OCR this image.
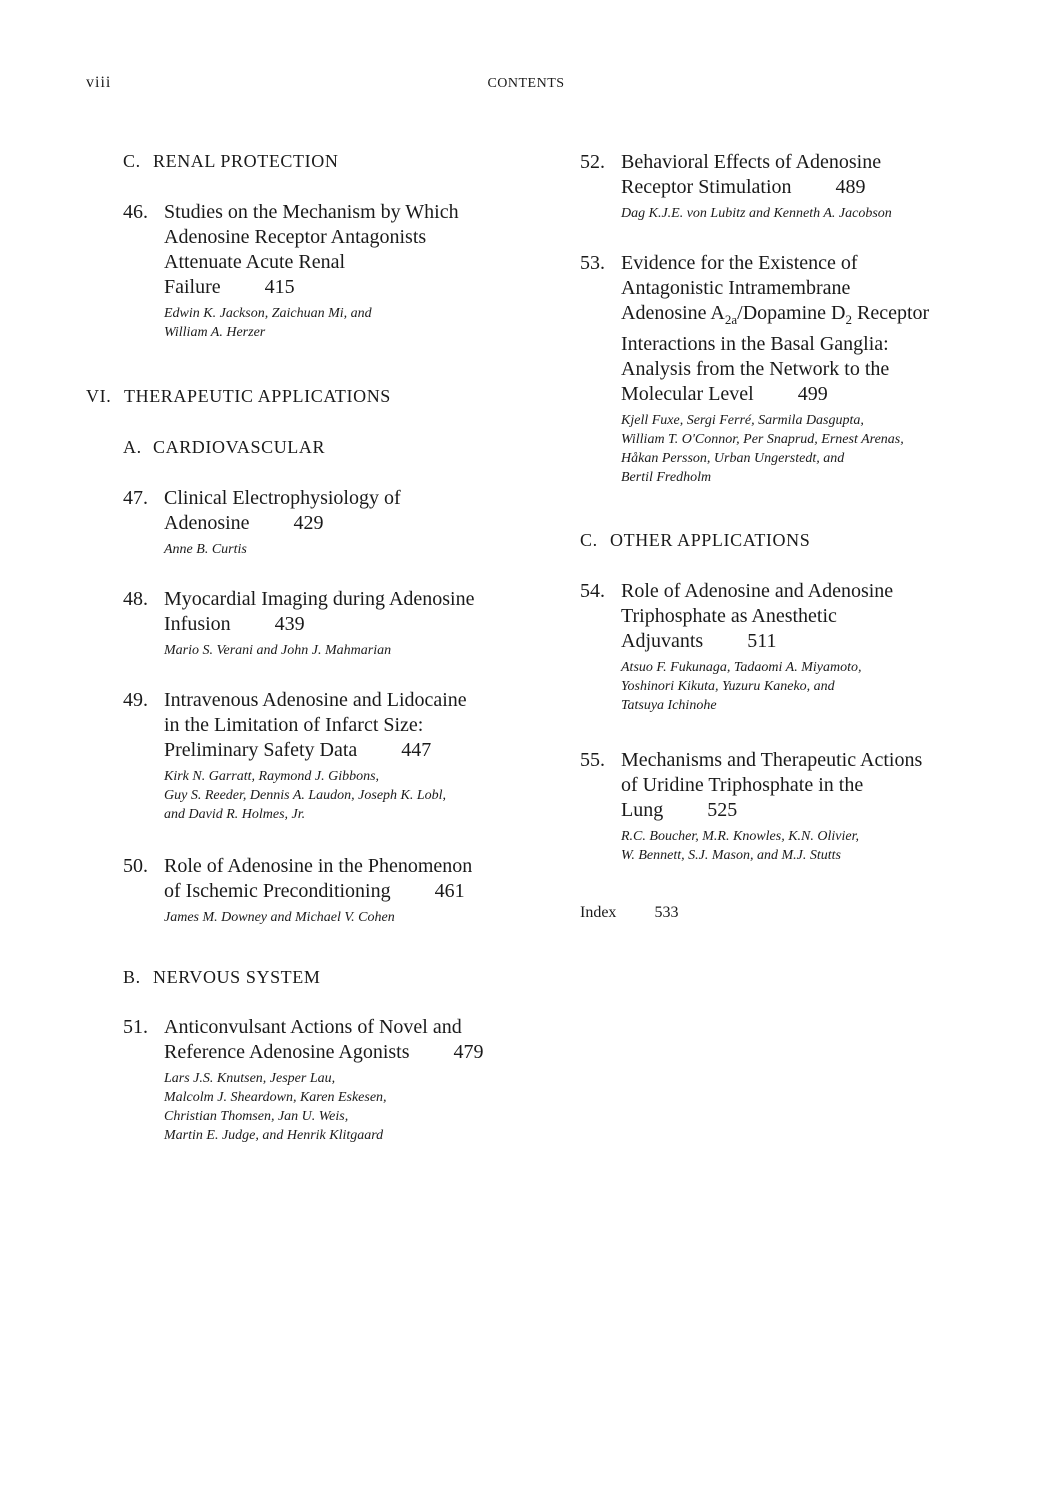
viii	CONTENTS
C. RENAL PROTECTION
46. Studies on the Mechanism by Which
Adenosine Receptor Antagonists
Attenuate Acute Renal
Failure 415
Edwin K. Jackson, Zaichuan Mi, and
William A. Herzer
VI. THERAPEUTIC APPLICATIONS
A. CARDIOVASCULAR
47. Clinical Electrophysiology of
Adenosine 429
Anne B. Curtis
48. Myocardial Imaging during Adenosine
Infusion 439
Mario S. Verani and John J. Mahmarian
49. Intravenous Adenosine and Lidocaine
in the Limitation of Infarct Size:
Preliminary Safety Data 447
Kirk N. Garratt, Raymond J. Gibbons,
Guy S. Reeder, Dennis A. Laudon, Joseph K. Lobl,
and David R. Holmes, Jr.
50. Role of Adenosine in the Phenomenon
of Ischemic Preconditioning 461
James M. Downey and Michael V. Cohen
B. NERVOUS SYSTEM
51. Anticonvulsant Actions of Novel and
Reference Adenosine Agonists 479
Lars J.S. Knutsen, Jesper Lau,
Malcolm J. Sheardown, Karen Eskesen,
Christian Thomsen, Jan U. Weis,
Martin E. Judge, and Henrik Klitgaard
52. Behavioral Effects of Adenosine
Receptor Stimulation 489
Dag K.J.E. von Lubitz and Kenneth A. Jacobson
53. Evidence for the Existence of
Antagonistic Intramembrane
Adenosine $A_{2a}$/Dopamine $D_2$ Receptor
Interactions in the Basal Ganglia:
Analysis from the Network to the
Molecular Level 499
Kjell Fuxe, Sergi Ferré, Sarmila Dasgupta,
William T. O'Connor, Per Snaprud, Ernest Arenas,
Håkan Persson, Urban Ungerstedt, and
Bertil Fredholm
C. OTHER APPLICATIONS
54. Role of Adenosine and Adenosine
Triphosphate as Anesthetic
Adjuvants 511
Atsuo F. Fukunaga, Tadaomi A. Miyamoto,
Yoshinori Kikuta, Yuzuru Kaneko, and
Tatsuya Ichinohe
55. Mechanisms and Therapeutic Actions
of Uridine Triphosphate in the
Lung 525
R.C. Boucher, M.R. Knowles, K.N. Olivier,
W. Bennett, S.J. Mason, and M.J. Stutts
Index 533
